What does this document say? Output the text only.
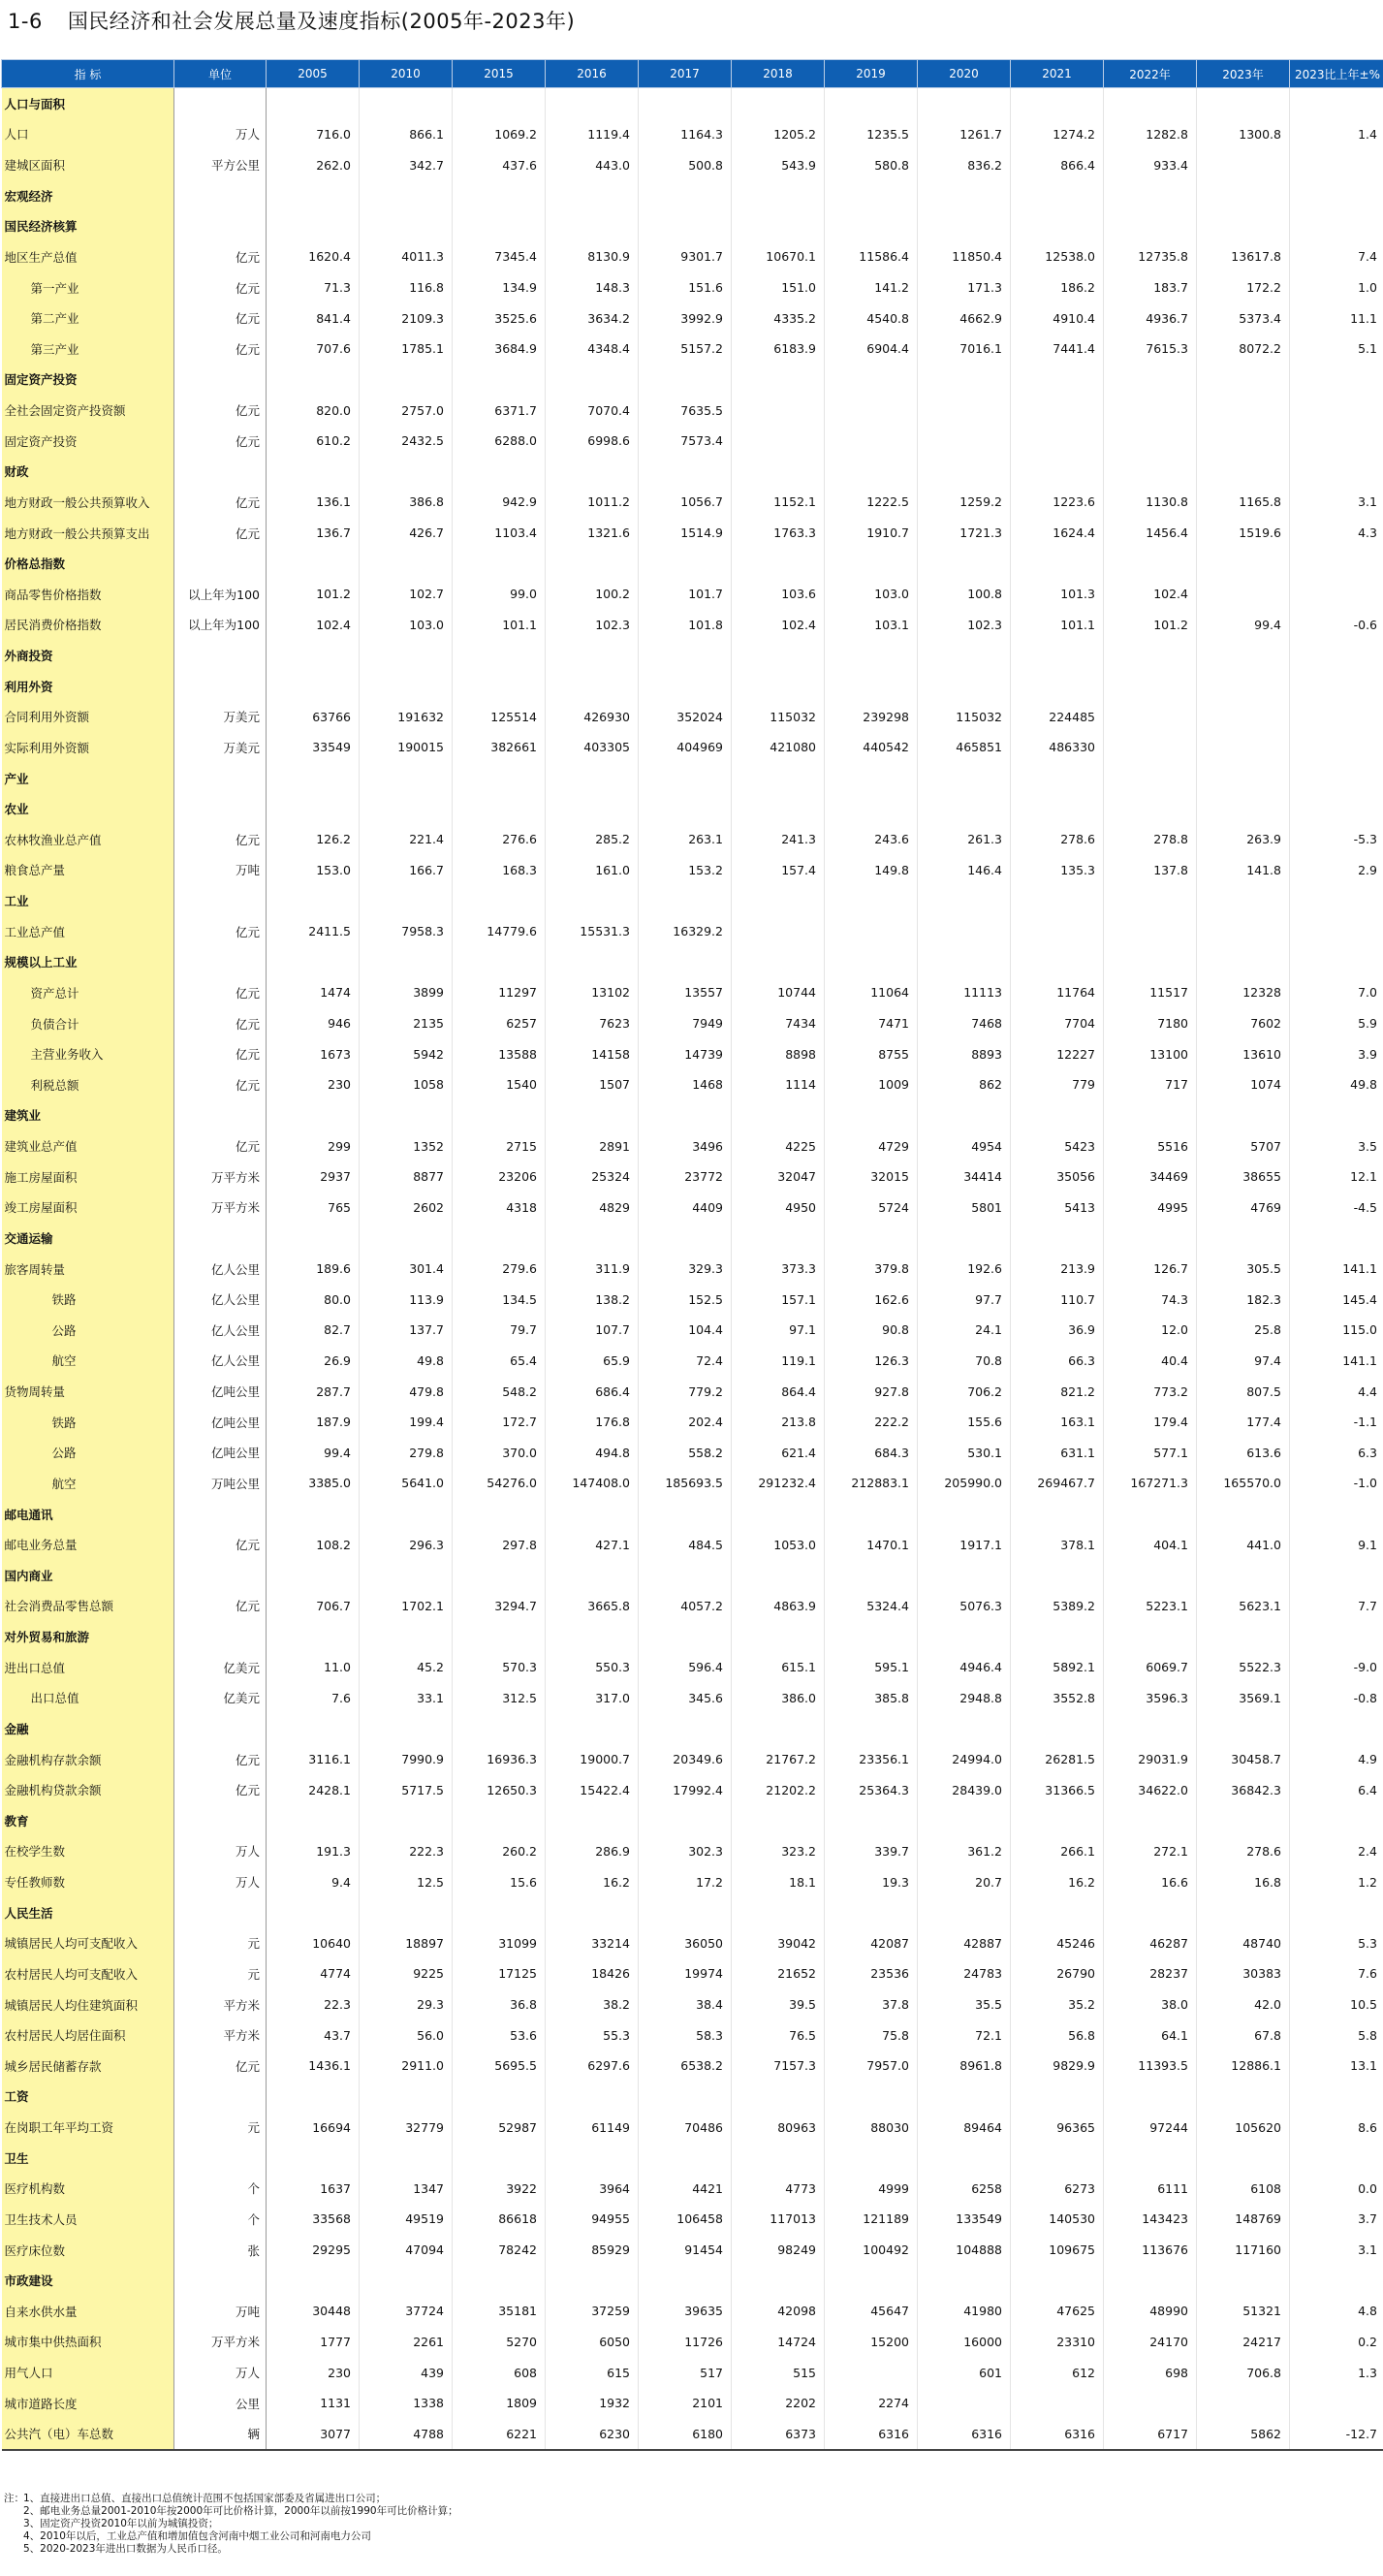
1-6 国民经济和社会发展总量及速度指标(2005年-2023年)
指 标	单位	2005	2010	2015	2016	2017	2018	2019	2020	2021	2022年	2023年	2023比上年±%
人口与面积													
人口	万人	716.0	866.1	1069.2	1119.4	1164.3	1205.2	1235.5	1261.7	1274.2	1282.8	1300.8	1.4
建城区面积	平方公里	262.0	342.7	437.6	443.0	500.8	543.9	580.8	836.2	866.4	933.4		
宏观经济													
国民经济核算													
地区生产总值	亿元	1620.4	4011.3	7345.4	8130.9	9301.7	10670.1	11586.4	11850.4	12538.0	12735.8	13617.8	7.4
第一产业	亿元	71.3	116.8	134.9	148.3	151.6	151.0	141.2	171.3	186.2	183.7	172.2	1.0
第二产业	亿元	841.4	2109.3	3525.6	3634.2	3992.9	4335.2	4540.8	4662.9	4910.4	4936.7	5373.4	11.1
第三产业	亿元	707.6	1785.1	3684.9	4348.4	5157.2	6183.9	6904.4	7016.1	7441.4	7615.3	8072.2	5.1
固定资产投资													
全社会固定资产投资额	亿元	820.0	2757.0	6371.7	7070.4	7635.5							
固定资产投资	亿元	610.2	2432.5	6288.0	6998.6	7573.4							
财政													
地方财政一般公共预算收入	亿元	136.1	386.8	942.9	1011.2	1056.7	1152.1	1222.5	1259.2	1223.6	1130.8	1165.8	3.1
地方财政一般公共预算支出	亿元	136.7	426.7	1103.4	1321.6	1514.9	1763.3	1910.7	1721.3	1624.4	1456.4	1519.6	4.3
价格总指数													
商品零售价格指数	以上年为100	101.2	102.7	99.0	100.2	101.7	103.6	103.0	100.8	101.3	102.4		
居民消费价格指数	以上年为100	102.4	103.0	101.1	102.3	101.8	102.4	103.1	102.3	101.1	101.2	99.4	-0.6
外商投资													
利用外资													
合同利用外资额	万美元	63766	191632	125514	426930	352024	115032	239298	115032	224485			
实际利用外资额	万美元	33549	190015	382661	403305	404969	421080	440542	465851	486330			
产业													
农业													
农林牧渔业总产值	亿元	126.2	221.4	276.6	285.2	263.1	241.3	243.6	261.3	278.6	278.8	263.9	-5.3
粮食总产量	万吨	153.0	166.7	168.3	161.0	153.2	157.4	149.8	146.4	135.3	137.8	141.8	2.9
工业													
工业总产值	亿元	2411.5	7958.3	14779.6	15531.3	16329.2							
规模以上工业													
资产总计	亿元	1474	3899	11297	13102	13557	10744	11064	11113	11764	11517	12328	7.0
负债合计	亿元	946	2135	6257	7623	7949	7434	7471	7468	7704	7180	7602	5.9
主营业务收入	亿元	1673	5942	13588	14158	14739	8898	8755	8893	12227	13100	13610	3.9
利税总额	亿元	230	1058	1540	1507	1468	1114	1009	862	779	717	1074	49.8
建筑业													
建筑业总产值	亿元	299	1352	2715	2891	3496	4225	4729	4954	5423	5516	5707	3.5
施工房屋面积	万平方米	2937	8877	23206	25324	23772	32047	32015	34414	35056	34469	38655	12.1
竣工房屋面积	万平方米	765	2602	4318	4829	4409	4950	5724	5801	5413	4995	4769	-4.5
交通运输													
旅客周转量	亿人公里	189.6	301.4	279.6	311.9	329.3	373.3	379.8	192.6	213.9	126.7	305.5	141.1
铁路	亿人公里	80.0	113.9	134.5	138.2	152.5	157.1	162.6	97.7	110.7	74.3	182.3	145.4
公路	亿人公里	82.7	137.7	79.7	107.7	104.4	97.1	90.8	24.1	36.9	12.0	25.8	115.0
航空	亿人公里	26.9	49.8	65.4	65.9	72.4	119.1	126.3	70.8	66.3	40.4	97.4	141.1
货物周转量	亿吨公里	287.7	479.8	548.2	686.4	779.2	864.4	927.8	706.2	821.2	773.2	807.5	4.4
铁路	亿吨公里	187.9	199.4	172.7	176.8	202.4	213.8	222.2	155.6	163.1	179.4	177.4	-1.1
公路	亿吨公里	99.4	279.8	370.0	494.8	558.2	621.4	684.3	530.1	631.1	577.1	613.6	6.3
航空	万吨公里	3385.0	5641.0	54276.0	147408.0	185693.5	291232.4	212883.1	205990.0	269467.7	167271.3	165570.0	-1.0
邮电通讯													
邮电业务总量	亿元	108.2	296.3	297.8	427.1	484.5	1053.0	1470.1	1917.1	378.1	404.1	441.0	9.1
国内商业													
社会消费品零售总额	亿元	706.7	1702.1	3294.7	3665.8	4057.2	4863.9	5324.4	5076.3	5389.2	5223.1	5623.1	7.7
对外贸易和旅游													
进出口总值	亿美元	11.0	45.2	570.3	550.3	596.4	615.1	595.1	4946.4	5892.1	6069.7	5522.3	-9.0
出口总值	亿美元	7.6	33.1	312.5	317.0	345.6	386.0	385.8	2948.8	3552.8	3596.3	3569.1	-0.8
金融													
金融机构存款余额	亿元	3116.1	7990.9	16936.3	19000.7	20349.6	21767.2	23356.1	24994.0	26281.5	29031.9	30458.7	4.9
金融机构贷款余额	亿元	2428.1	5717.5	12650.3	15422.4	17992.4	21202.2	25364.3	28439.0	31366.5	34622.0	36842.3	6.4
教育													
在校学生数	万人	191.3	222.3	260.2	286.9	302.3	323.2	339.7	361.2	266.1	272.1	278.6	2.4
专任教师数	万人	9.4	12.5	15.6	16.2	17.2	18.1	19.3	20.7	16.2	16.6	16.8	1.2
人民生活													
城镇居民人均可支配收入	元	10640	18897	31099	33214	36050	39042	42087	42887	45246	46287	48740	5.3
农村居民人均可支配收入	元	4774	9225	17125	18426	19974	21652	23536	24783	26790	28237	30383	7.6
城镇居民人均住建筑面积	平方米	22.3	29.3	36.8	38.2	38.4	39.5	37.8	35.5	35.2	38.0	42.0	10.5
农村居民人均居住面积	平方米	43.7	56.0	53.6	55.3	58.3	76.5	75.8	72.1	56.8	64.1	67.8	5.8
城乡居民储蓄存款	亿元	1436.1	2911.0	5695.5	6297.6	6538.2	7157.3	7957.0	8961.8	9829.9	11393.5	12886.1	13.1
工资													
在岗职工年平均工资	元	16694	32779	52987	61149	70486	80963	88030	89464	96365	97244	105620	8.6
卫生													
医疗机构数	个	1637	1347	3922	3964	4421	4773	4999	6258	6273	6111	6108	0.0
卫生技术人员	个	33568	49519	86618	94955	106458	117013	121189	133549	140530	143423	148769	3.7
医疗床位数	张	29295	47094	78242	85929	91454	98249	100492	104888	109675	113676	117160	3.1
市政建设													
自来水供水量	万吨	30448	37724	35181	37259	39635	42098	45647	41980	47625	48990	51321	4.8
城市集中供热面积	万平方米	1777	2261	5270	6050	11726	14724	15200	16000	23310	24170	24217	0.2
用气人口	万人	230	439	608	615	517	515		601	612	698	706.8	1.3
城市道路长度	公里	1131	1338	1809	1932	2101	2202	2274					
公共汽（电）车总数	辆	3077	4788	6221	6230	6180	6373	6316	6316	6316	6717	5862	-12.7
注： 1、直接进出口总值、直接出口总值统计范围不包括国家部委及省属进出口公司；
2、邮电业务总量2001-2010年按2000年可比价格计算，2000年以前按1990年可比价格计算；
3、固定资产投资2010年以前为城镇投资；
4、2010年以后，工业总产值和增加值包含河南中烟工业公司和河南电力公司
5、2020-2023年进出口数据为人民币口径。
